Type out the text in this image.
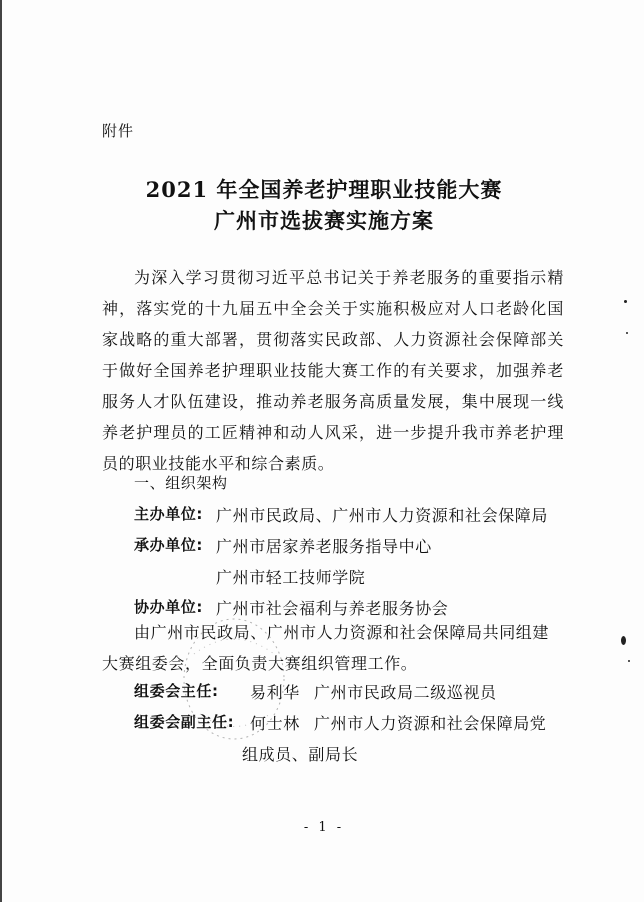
附件
2021 年全国养老护理职业技能大赛
广州市选拔赛实施方案
为深入学习贯彻习近平总书记关于养老服务的重要指示精神，落实党的十九届五中全会关于实施积极应对人口老龄化国家战略的重大部署，贯彻落实民政部、人力资源社会保障部关于做好全国养老护理职业技能大赛工作的有关要求，加强养老服务人才队伍建设，推动养老服务高质量发展，集中展现一线养老护理员的工匠精神和动人风采，进一步提升我市养老护理员的职业技能水平和综合素质。
一、组织架构
主办单位: 广州市民政局、广州市人力资源和社会保障局
承办单位: 广州市居家养老服务指导中心
广州市轻工技师学院
协办单位: 广州市社会福利与养老服务协会
由广州市民政局、广州市人力资源和社会保障局共同组建大赛组委会，全面负责大赛组织管理工作。
组委会主任: 易利华 广州市民政局二级巡视员
组委会副主任: 何士林 广州市人力资源和社会保障局党
组成员、副局长
- 1 -
